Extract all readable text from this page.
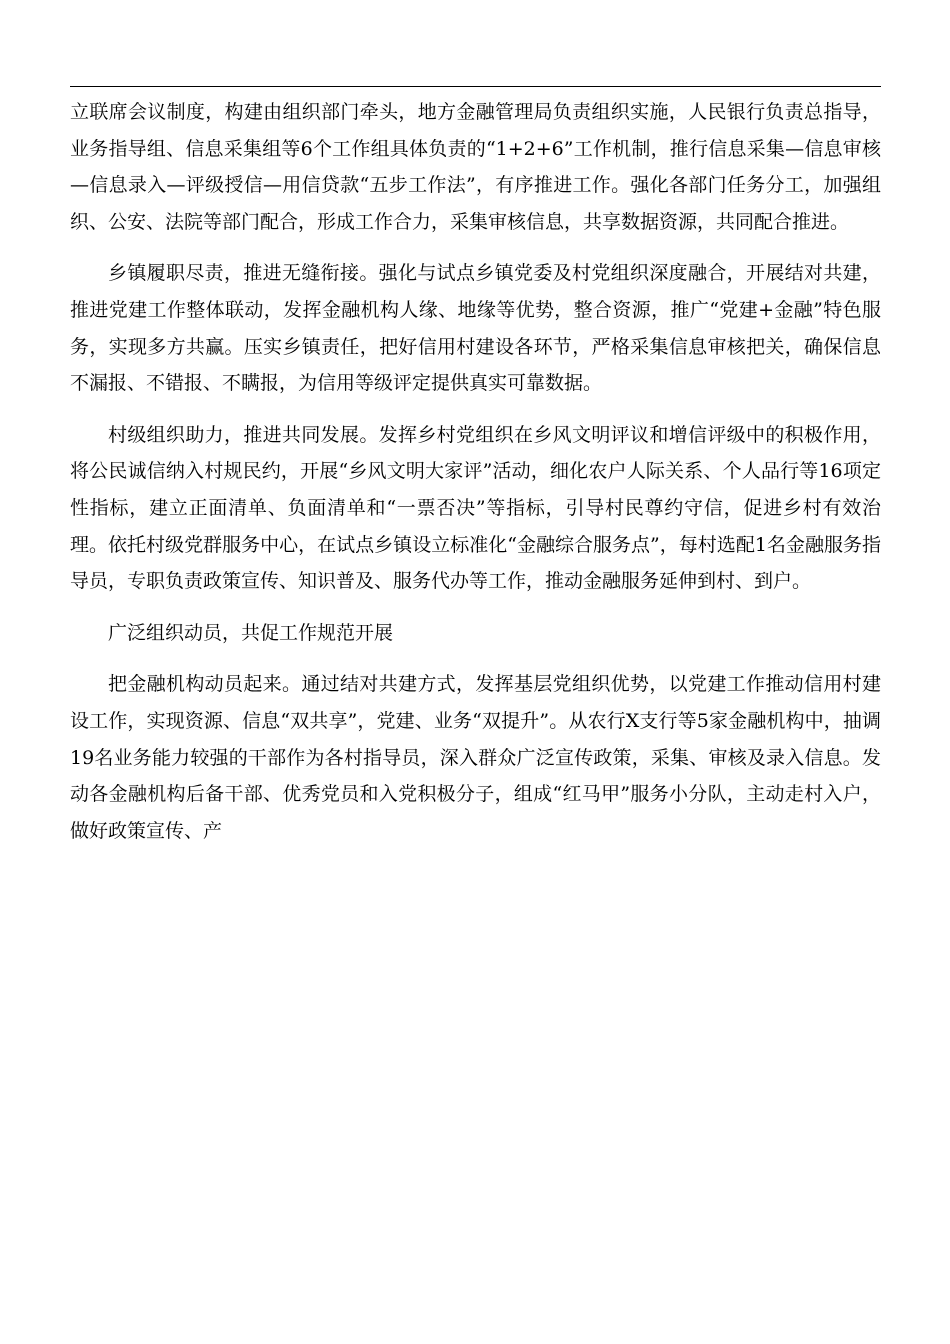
立联席会议制度，构建由组织部门牵头，地方金融管理局负责组织实施，人民银行负责总指导，业务指导组、信息采集组等6个工作组具体负责的“1+2+6”工作机制，推行信息采集—信息审核—信息录入—评级授信—用信贷款“五步工作法”，有序推进工作。强化各部门任务分工，加强组织、公安、法院等部门配合，形成工作合力，采集审核信息，共享数据资源，共同配合推进。

乡镇履职尽责，推进无缝衔接。强化与试点乡镇党委及村党组织深度融合，开展结对共建，推进党建工作整体联动，发挥金融机构人缘、地缘等优势，整合资源，推广“党建+金融”特色服务，实现多方共赢。压实乡镇责任，把好信用村建设各环节，严格采集信息审核把关，确保信息不漏报、不错报、不瞒报，为信用等级评定提供真实可靠数据。

村级组织助力，推进共同发展。发挥乡村党组织在乡风文明评议和增信评级中的积极作用，将公民诚信纳入村规民约，开展“乡风文明大家评”活动，细化农户人际关系、个人品行等16项定性指标，建立正面清单、负面清单和“一票否决”等指标，引导村民尊约守信，促进乡村有效治理。依托村级党群服务中心，在试点乡镇设立标准化“金融综合服务点”，每村选配1名金融服务指导员，专职负责政策宣传、知识普及、服务代办等工作，推动金融服务延伸到村、到户。

广泛组织动员，共促工作规范开展

把金融机构动员起来。通过结对共建方式，发挥基层党组织优势，以党建工作推动信用村建设工作，实现资源、信息“双共享”，党建、业务“双提升”。从农行X支行等5家金融机构中，抽调19名业务能力较强的干部作为各村指导员，深入群众广泛宣传政策，采集、审核及录入信息。发动各金融机构后备干部、优秀党员和入党积极分子，组成“红马甲”服务小分队，主动走村入户，做好政策宣传、产
